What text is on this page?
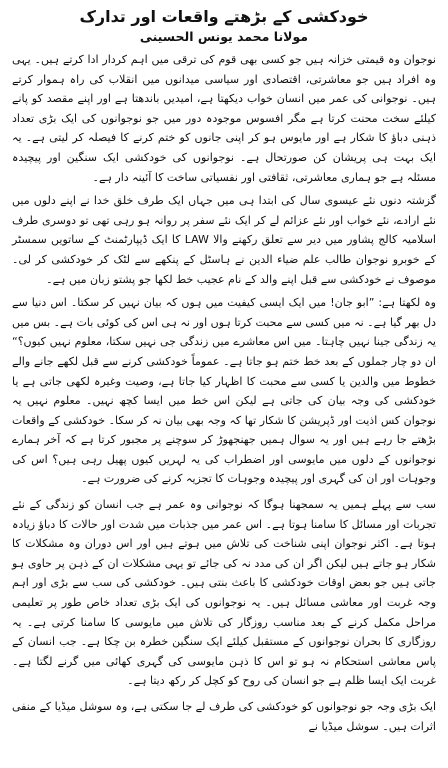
خودکشی کے بڑھتے واقعات اور تدارک
مولانا محمد یونس الحسینی

نوجوان وہ قیمتی خزانہ ہیں جو کسی بھی قوم کی ترقی میں اہم کردار ادا کرتے ہیں۔ یہی وہ افراد ہیں جو معاشرتی، اقتصادی اور سیاسی میدانوں میں انقلاب کی راہ ہموار کرتے ہیں۔ نوجوانی کی عمر میں انسان خواب دیکھتا ہے، امیدیں باندھتا ہے اور اپنے مقصد کو پانے کیلئے سخت محنت کرتا ہے مگر افسوس موجودہ دور میں جو نوجوانوں کی ایک بڑی تعداد ذہنی دباؤ کا شکار ہے اور مایوس ہو کر اپنی جانوں کو ختم کرنے کا فیصلہ کر لیتی ہے۔ یہ ایک بہت ہی پریشان کن صورتحال ہے۔ نوجوانوں کی خودکشی ایک سنگین اور پیچیدہ مسئلہ ہے جو ہماری معاشرتی، ثقافتی اور نفسیاتی ساخت کا آئینہ دار ہے۔

گزشتہ دنوں نئے عیسوی سال کی ابتدا ہی میں جہاں ایک طرف خلق خدا نے اپنے دلوں میں نئے ارادے، نئے خواب اور نئے عزائم لے کر ایک نئے سفر پر روانہ ہو رہی تھی تو دوسری طرف اسلامیہ کالج پشاور میں دیر سے تعلق رکھنے والا LAW کا ایک ڈیپارٹمنٹ کے ساتویں سمسٹر کے خوبرو نوجوان طالب علم ضیاء الدین نے ہاسٹل کے پنکھے سے لٹک کر خودکشی کر لی۔ موصوف نے خودکشی سے قبل اپنے والد کے نام عجیب خط لکھا جو پشتو زبان میں ہے۔

وہ لکھتا ہے: ”ابو جان! میں ایک ایسی کیفیت میں ہوں کہ بیان نہیں کر سکتا۔ اس دنیا سے دل بھر گیا ہے۔ نہ میں کسی سے محبت کرتا ہوں اور نہ ہی اس کی کوئی بات ہے۔ بس میں یہ زندگی جینا نہیں چاہتا۔ میں اس معاشرے میں زندگی جی نہیں سکتا، معلوم نہیں کیوں؟“ ان دو چار جملوں کے بعد خط ختم ہو جاتا ہے۔ عموماً خودکشی کرنے سے قبل لکھے جانے والے خطوط میں والدین یا کسی سے محبت کا اظہار کیا جاتا ہے، وصیت وغیرہ لکھی جاتی ہے یا خودکشی کی وجہ بیان کی جاتی ہے لیکن اس خط میں ایسا کچھ نہیں۔ معلوم نہیں یہ نوجوان کس اذیت اور ڈپریشن کا شکار تھا کہ وجہ بھی بیان نہ کر سکا۔ خودکشی کے واقعات بڑھتے جا رہے ہیں اور یہ سوال ہمیں جھنجھوڑ کر سوچنے پر مجبور کرتا ہے کہ آخر ہمارے نوجوانوں کے دلوں میں مایوسی اور اضطراب کی یہ لہریں کیوں پھیل رہی ہیں؟ اس کی وجوہات اور ان کی گہری اور پیچیدہ وجوہات کا تجزیہ کرنے کی ضرورت ہے۔

سب سے پہلے ہمیں یہ سمجھنا ہوگا کہ نوجوانی وہ عمر ہے جب انسان کو زندگی کے نئے تجربات اور مسائل کا سامنا ہوتا ہے۔ اس عمر میں جذبات میں شدت اور حالات کا دباؤ زیادہ ہوتا ہے۔ اکثر نوجوان اپنی شناخت کی تلاش میں ہوتے ہیں اور اس دوران وہ مشکلات کا شکار ہو جاتے ہیں لیکن اگر ان کی مدد نہ کی جائے تو یہی مشکلات ان کے ذہن پر حاوی ہو جاتی ہیں جو بعض اوقات خودکشی کا باعث بنتی ہیں۔ خودکشی کی سب سے بڑی اور اہم وجہ غربت اور معاشی مسائل ہیں۔ یہ نوجوانوں کی ایک بڑی تعداد خاص طور پر تعلیمی مراحل مکمل کرنے کے بعد مناسب روزگار کی تلاش میں مایوسی کا سامنا کرتی ہے۔ یہ روزگاری کا بحران نوجوانوں کے مستقبل کیلئے ایک سنگین خطرہ بن چکا ہے۔ جب انسان کے پاس معاشی استحکام نہ ہو تو اس کا ذہن مایوسی کی گہری کھائی میں گرنے لگتا ہے۔ غربت ایک ایسا ظلم ہے جو انسان کی روح کو کچل کر رکھ دیتا ہے۔

ایک بڑی وجہ جو نوجوانوں کو خودکشی کی طرف لے جا سکتی ہے، وہ سوشل میڈیا کے منفی اثرات ہیں۔ سوشل میڈیا نے
